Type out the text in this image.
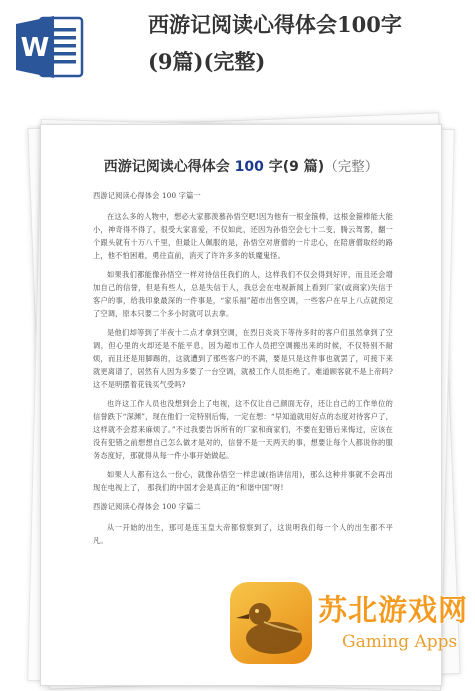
W
西游记阅读心得体会100字
(9篇)(完整)
西游记阅读心得体会 100 字(9 篇)（完整）

西游记阅读心得体会 100 字篇一

在这么多的人物中，想必大家都羡慕孙悟空吧!因为他有一根金箍棒，这根金箍棒能大能小，神奇得不得了，很受大家喜爱，不仅如此，还因为孙悟空会七十二变，腾云驾雾，翻一个跟头就有十万八千里，但最让人佩服的是，孙悟空对唐僧的一片忠心，在陪唐僧取经的路上，他不怕困难，勇往直前，消灭了许许多多的妖魔鬼怪。

如果我们都能像孙悟空一样对待信任我们的人，这样我们不仅会得到好评，而且还会增加自己的信誉，但是有些人，总是失信于人，我总会在电视新闻上看到厂家(或商家)失信于客户的事，给我印象最深的一件事是，“家乐福”超市出售空调，一些客户在早上八点就预定了空调，原本只要二个多小时就可以去拿。

是他们却等到了半夜十二点才拿到空调，在烈日炎炎下等待多时的客户们虽然拿到了空调，但心里的火却还是不能平息，因为超市工作人员把空调搬出来的时候，不仅特别不耐烦，而且还是用脚踢的，这就遭到了那些客户的不满，要是只是这件事也就罢了，可接下来就更离谱了，居然有人因为多要了一台空调，就被工作人员拒绝了。难道顾客就不是上帝吗?这不是明摆着花钱买气受吗?

也许这工作人员也没想到会上了电视，这不仅让自己颜面无存，还让自己的工作单位的信誉跌下“深渊”，现在他们一定特别后悔，一定在想：“早知道就用好点的态度对待客户了，这样就不会惹来麻烦了。”不过我要告诉所有的厂家和商家们，不要在犯错后来悔过，应该在没有犯错之前想想自己怎么做才是对的，信誉不是一天两天的事，想要让每个人都说你的服务态度好，那就得从每一件小事开始做起。

如果人人都有这么一份心，就像孙悟空一样忠诚(指讲信用)，那么这种并事就不会再出现在电视上了， 那我们的中国才会是真正的“和谐中国”呀!

西游记阅读心得体会 100 字篇二

从一开始的出生，那可是连玉皇大帝都惊察到了，这说明我们每一个人的出生都不平凡。

苏北游戏网
Gaming Apps
